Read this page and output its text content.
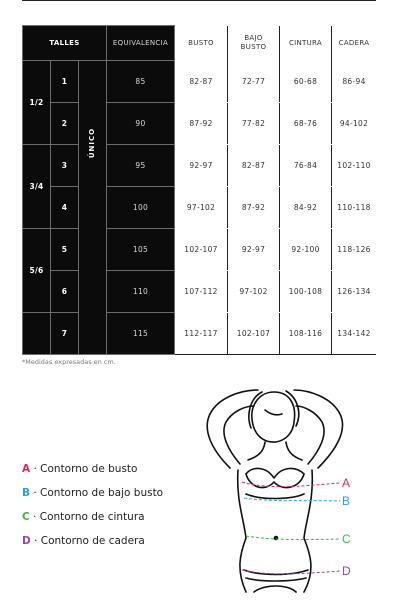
TALLES			EQUIVALENCIA	BUSTO	BAJO
BUSTO	CINTURA	CADERA
1/2	1	ÚNICO	85	82-87	72-77	60-68	86-94
	2		90	87-92	77-82	68-76	94-102
3/4	3		95	92-97	82-87	76-84	102-110
	4		100	97-102	87-92	84-92	110-118
5/6	5		105	102-107	92-97	92-100	118-126
	6		110	107-112	97-102	100-108	126-134
	7		115	112-117	102-107	108-116	134-142
*Medidas expresadas en cm.
A · Contorno de busto
B · Contorno de bajo busto
C · Contorno de cintura
D · Contorno de cadera
A
B
C
D
